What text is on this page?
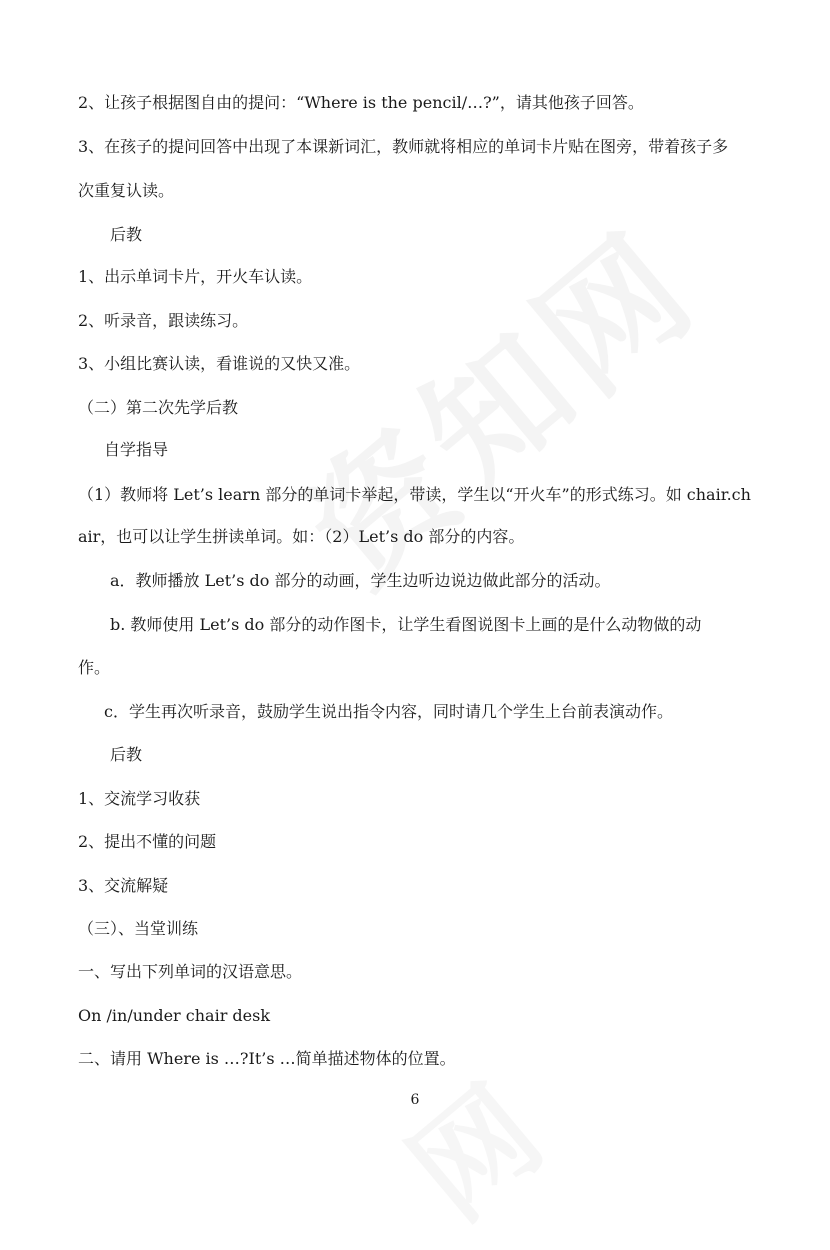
2、让孩子根据图自由的提问：“Where is the pencil/…?”，请其他孩子回答。
3、在孩子的提问回答中出现了本课新词汇，教师就将相应的单词卡片贴在图旁，带着孩子多
次重复认读。
后教
1、出示单词卡片，开火车认读。
2、听录音，跟读练习。
3、小组比赛认读，看谁说的又快又准。
（二）第二次先学后教
自学指导
（1）教师将 Let’s learn 部分的单词卡举起，带读，学生以“开火车”的形式练习。如 chair.ch
air，也可以让学生拼读单词。如：（2）Let’s do 部分的内容。
a．教师播放 Let’s do 部分的动画，学生边听边说边做此部分的活动。
b. 教师使用 Let’s do 部分的动作图卡，让学生看图说图卡上画的是什么动物做的动
作。
c．学生再次听录音，鼓励学生说出指令内容，同时请几个学生上台前表演动作。
后教
1、交流学习收获
2、提出不懂的问题
3、交流解疑
（三）、当堂训练
一、写出下列单词的汉语意思。
On /in/under chair desk
二、请用 Where is …?It’s …简单描述物体的位置。
6
